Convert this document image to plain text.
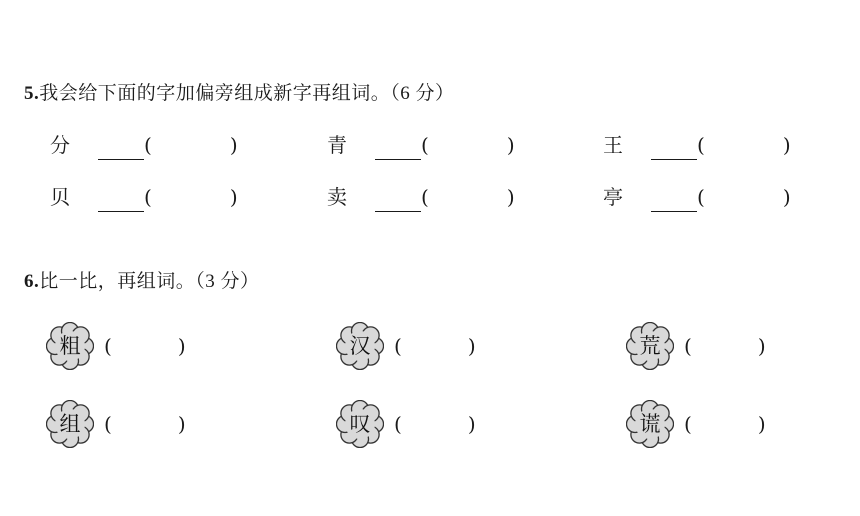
5.我会给下面的字加偏旁组成新字再组词。（6 分）
分	(	)	青	(	)	王	(	)
贝	(	)	卖	(	)	亭	(	)
6.比一比，再组词。（3 分）
粗	(	)	汉	(	)	荒	(	)
组	(	)	叹	(	)	谎	(	)
